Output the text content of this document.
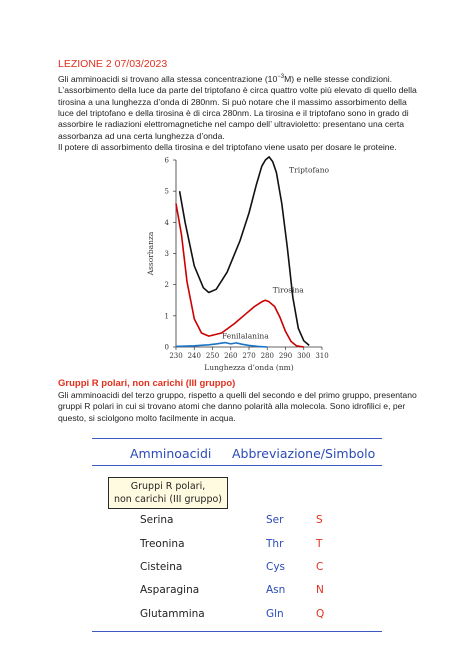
LEZIONE 2 07/03/2023

Gli amminoacidi si trovano alla stessa concentrazione $(10^{-3}M)$ e nelle stesse condizioni.

L’assorbimento della luce da parte del triptofano è circa quattro volte più elevato di quello della tirosina a una lunghezza d’onda di 280nm. Si può notare che il massimo assorbimento della luce del triptofano e della tirosina è di circa 280nm. La tirosina e il triptofano sono in grado di assorbire le radiazioni elettromagnetiche nel campo dell’ ultravioletto: presentano una certa assorbanza ad una certa lunghezza d’onda.

Il potere di assorbimento della tirosina e del triptofano viene usato per dosare le proteine.

0
1
2
3
4
5
6
230 240 250 260 270 280 290 300 310
Lunghezza d’onda (nm)
Assorbanza
Triptofano
Tirosina
Fenilalanina
Gruppi R polari, non carichi (III gruppo)
Gli amminoacidi del terzo gruppo, rispetto a quelli del secondo e del primo gruppo, presentano gruppi R polari in cui si trovano atomi che danno polarità alla molecola. Sono idrofilici e, per questo, si sciolgono molto facilmente in acqua.
Amminoacidi Abbreviazione/Simbolo
Gruppi R polari,
non carichi (III gruppo)
Serina	Ser	S
Treonina	Thr	T
Cisteina	Cys	C
Asparagina	Asn	N
Glutammina	Gln	Q
